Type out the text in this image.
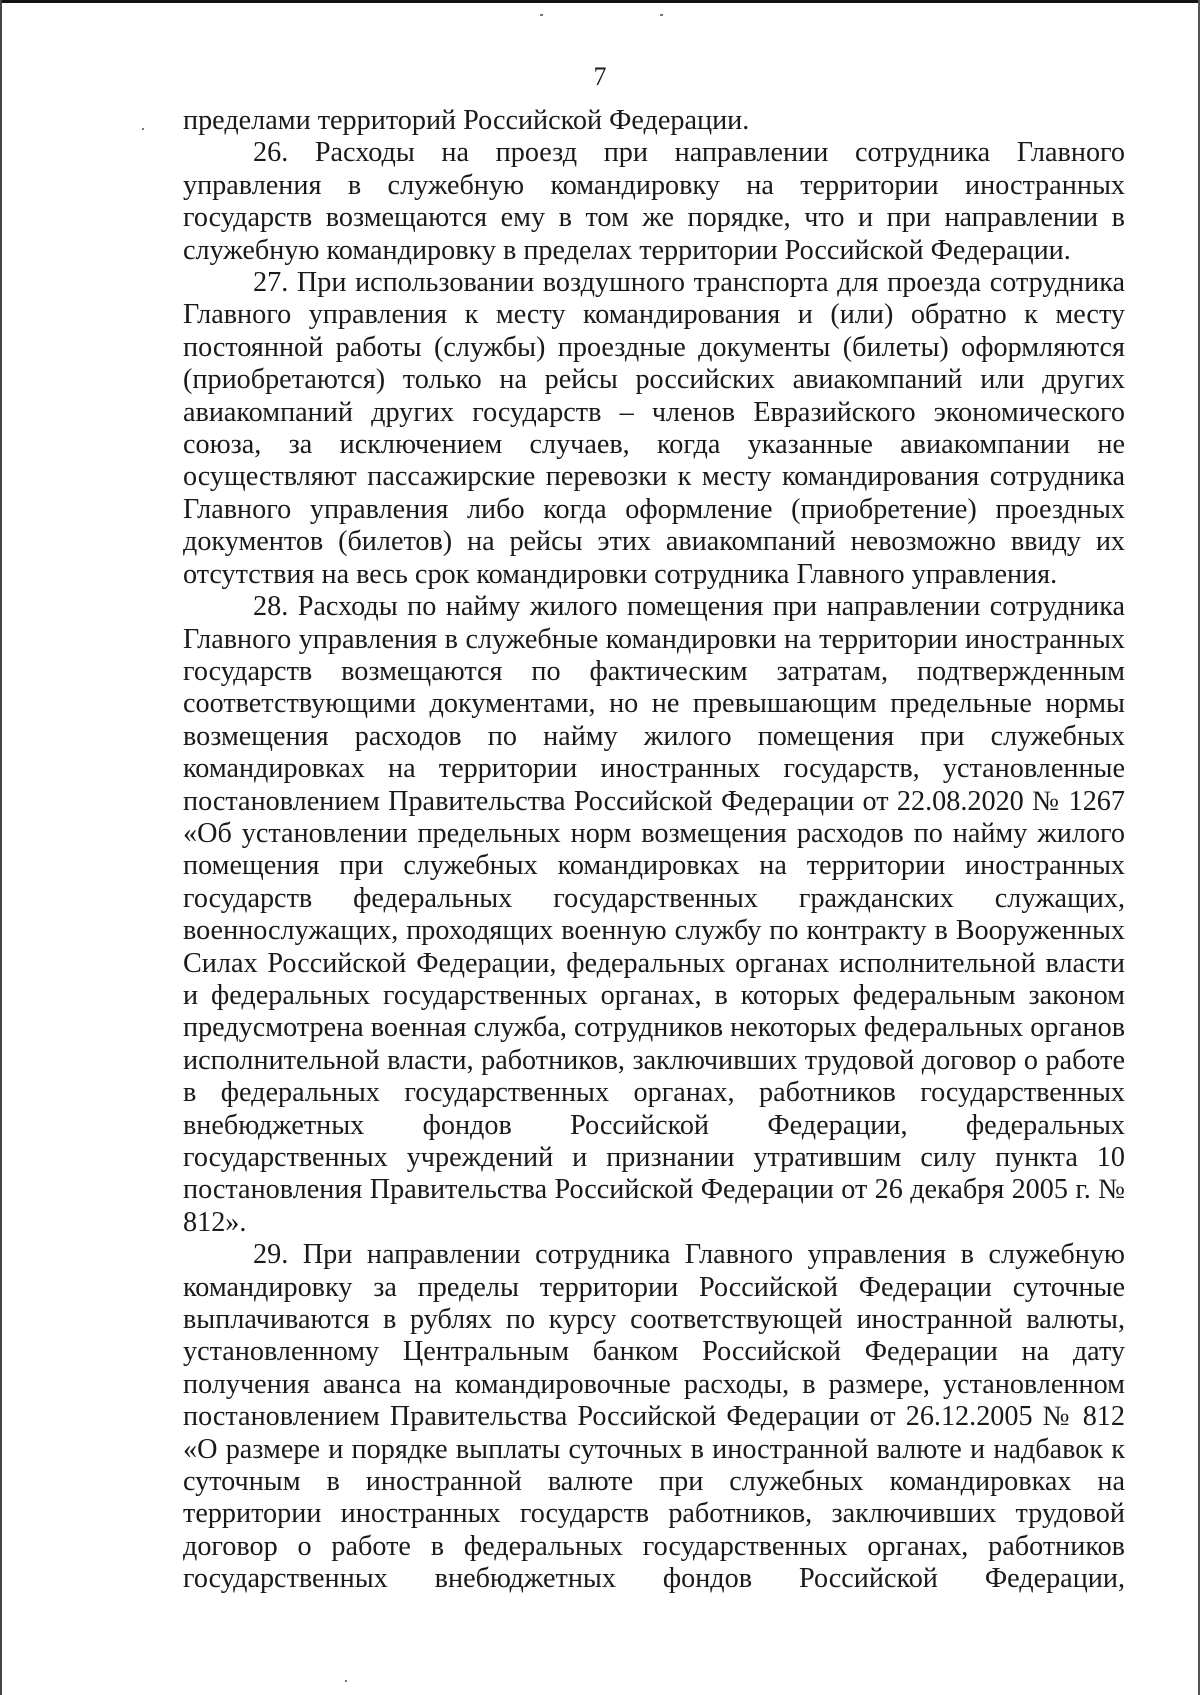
7

пределами территорий Российской Федерации.

26. Расходы на проезд при направлении сотрудника Главного управления в служебную командировку на территории иностранных государств возмещаются ему в том же порядке, что и при направлении в служебную командировку в пределах территории Российской Федерации.

27. При использовании воздушного транспорта для проезда сотрудника Главного управления к месту командирования и (или) обратно к месту постоянной работы (службы) проездные документы (билеты) оформляются (приобретаются) только на рейсы российских авиакомпаний или других авиакомпаний других государств – членов Евразийского экономического союза, за исключением случаев, когда указанные авиакомпании не осуществляют пассажирские перевозки к месту командирования сотрудника Главного управления либо когда оформление (приобретение) проездных документов (билетов) на рейсы этих авиакомпаний невозможно ввиду их отсутствия на весь срок командировки сотрудника Главного управления.

28. Расходы по найму жилого помещения при направлении сотрудника Главного управления в служебные командировки на территории иностранных государств возмещаются по фактическим затратам, подтвержденным соответствующими документами, но не превышающим предельные нормы возмещения расходов по найму жилого помещения при служебных командировках на территории иностранных государств, установленные постановлением Правительства Российской Федерации от 22.08.2020 № 1267 «Об установлении предельных норм возмещения расходов по найму жилого помещения при служебных командировках на территории иностранных государств федеральных государственных гражданских служащих, военнослужащих, проходящих военную службу по контракту в Вооруженных Силах Российской Федерации, федеральных органах исполнительной власти и федеральных государственных органах, в которых федеральным законом предусмотрена военная служба, сотрудников некоторых федеральных органов исполнительной власти, работников, заключивших трудовой договор о работе в федеральных государственных органах, работников государственных внебюджетных фондов Российской Федерации, федеральных государственных учреждений и признании утратившим силу пункта 10 постановления Правительства Российской Федерации от 26 декабря 2005 г. № 812».

29. При направлении сотрудника Главного управления в служебную командировку за пределы территории Российской Федерации суточные выплачиваются в рублях по курсу соответствующей иностранной валюты, установленному Центральным банком Российской Федерации на дату получения аванса на командировочные расходы, в размере, установленном постановлением Правительства Российской Федерации от 26.12.2005 № 812 «О размере и порядке выплаты суточных в иностранной валюте и надбавок к суточным в иностранной валюте при служебных командировках на территории иностранных государств работников, заключивших трудовой договор о работе в федеральных государственных органах, работников государственных внебюджетных фондов Российской Федерации,
